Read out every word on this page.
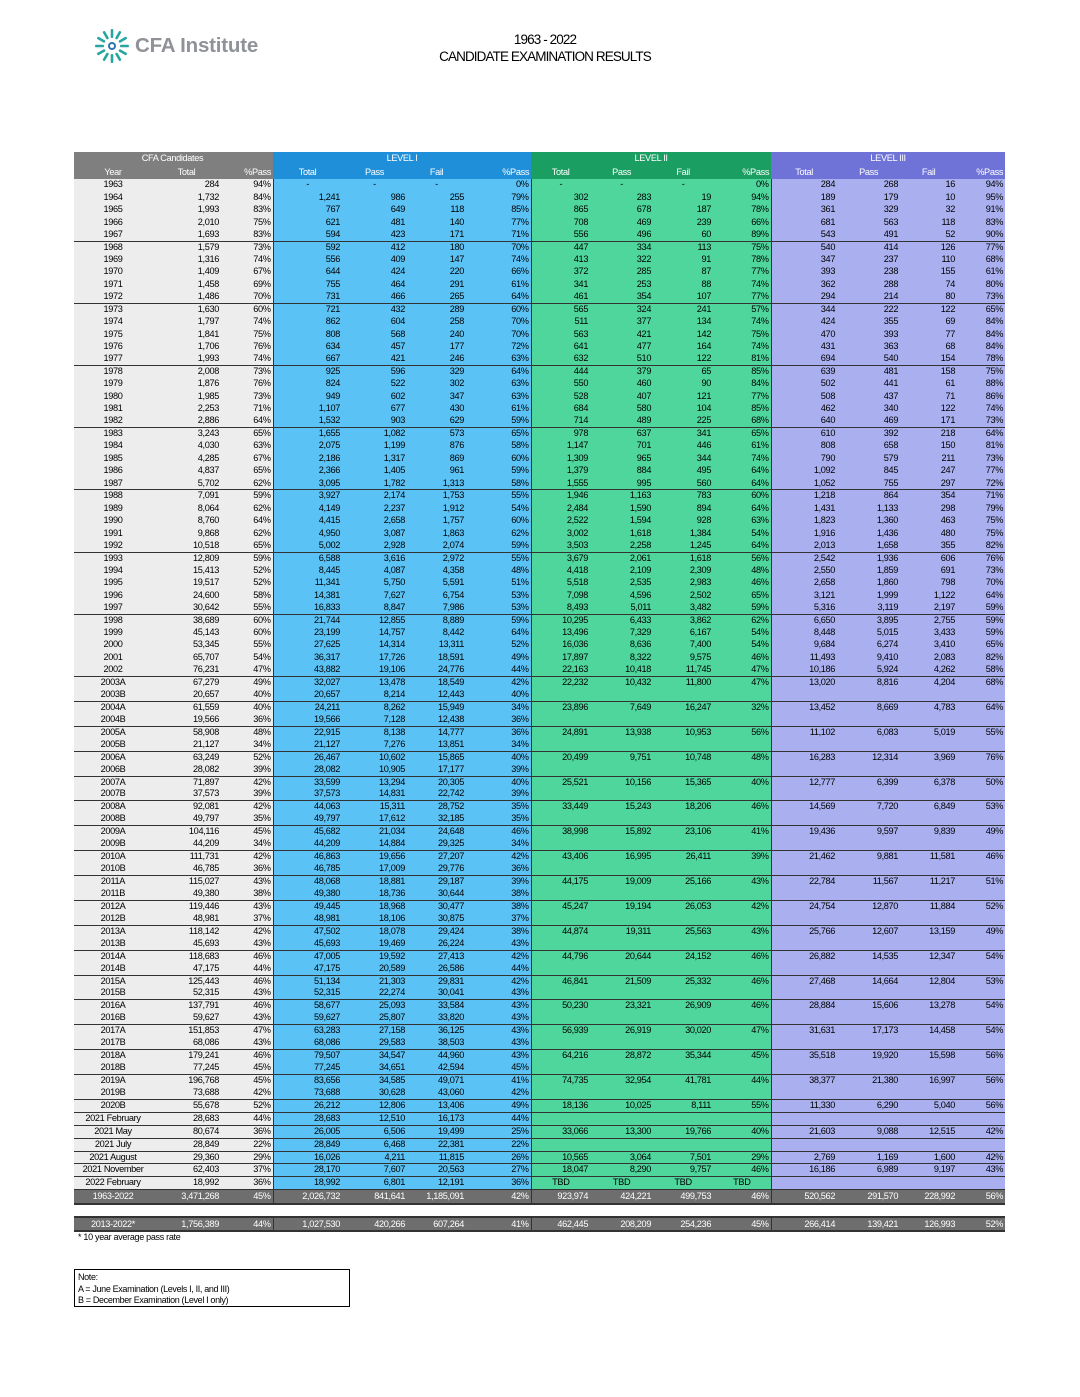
CFA Institute	1963 - 2022
CANDIDATE EXAMINATION RESULTS
CFA Candidates			LEVEL I				LEVEL II				LEVEL III			
Year	Total	%Pass	Total	Pass	Fail	%Pass	Total	Pass	Fail	%Pass	Total	Pass	Fail	%Pass
1963	284	94%	-	-	-	0%	-	-	-	0%	284	268	16	94%
1964	1,732	84%	1,241	986	255	79%	302	283	19	94%	189	179	10	95%
1965	1,993	83%	767	649	118	85%	865	678	187	78%	361	329	32	91%
1966	2,010	75%	621	481	140	77%	708	469	239	66%	681	563	118	83%
1967	1,693	83%	594	423	171	71%	556	496	60	89%	543	491	52	90%
1968	1,579	73%	592	412	180	70%	447	334	113	75%	540	414	126	77%
1969	1,316	74%	556	409	147	74%	413	322	91	78%	347	237	110	68%
1970	1,409	67%	644	424	220	66%	372	285	87	77%	393	238	155	61%
1971	1,458	69%	755	464	291	61%	341	253	88	74%	362	288	74	80%
1972	1,486	70%	731	466	265	64%	461	354	107	77%	294	214	80	73%
1973	1,630	60%	721	432	289	60%	565	324	241	57%	344	222	122	65%
1974	1,797	74%	862	604	258	70%	511	377	134	74%	424	355	69	84%
1975	1,841	75%	808	568	240	70%	563	421	142	75%	470	393	77	84%
1976	1,706	76%	634	457	177	72%	641	477	164	74%	431	363	68	84%
1977	1,993	74%	667	421	246	63%	632	510	122	81%	694	540	154	78%
1978	2,008	73%	925	596	329	64%	444	379	65	85%	639	481	158	75%
1979	1,876	76%	824	522	302	63%	550	460	90	84%	502	441	61	88%
1980	1,985	73%	949	602	347	63%	528	407	121	77%	508	437	71	86%
1981	2,253	71%	1,107	677	430	61%	684	580	104	85%	462	340	122	74%
1982	2,886	64%	1,532	903	629	59%	714	489	225	68%	640	469	171	73%
1983	3,243	65%	1,655	1,082	573	65%	978	637	341	65%	610	392	218	64%
1984	4,030	63%	2,075	1,199	876	58%	1,147	701	446	61%	808	658	150	81%
1985	4,285	67%	2,186	1,317	869	60%	1,309	965	344	74%	790	579	211	73%
1986	4,837	65%	2,366	1,405	961	59%	1,379	884	495	64%	1,092	845	247	77%
1987	5,702	62%	3,095	1,782	1,313	58%	1,555	995	560	64%	1,052	755	297	72%
1988	7,091	59%	3,927	2,174	1,753	55%	1,946	1,163	783	60%	1,218	864	354	71%
1989	8,064	62%	4,149	2,237	1,912	54%	2,484	1,590	894	64%	1,431	1,133	298	79%
1990	8,760	64%	4,415	2,658	1,757	60%	2,522	1,594	928	63%	1,823	1,360	463	75%
1991	9,868	62%	4,950	3,087	1,863	62%	3,002	1,618	1,384	54%	1,916	1,436	480	75%
1992	10,518	65%	5,002	2,928	2,074	59%	3,503	2,258	1,245	64%	2,013	1,658	355	82%
1993	12,809	59%	6,588	3,616	2,972	55%	3,679	2,061	1,618	56%	2,542	1,936	606	76%
1994	15,413	52%	8,445	4,087	4,358	48%	4,418	2,109	2,309	48%	2,550	1,859	691	73%
1995	19,517	52%	11,341	5,750	5,591	51%	5,518	2,535	2,983	46%	2,658	1,860	798	70%
1996	24,600	58%	14,381	7,627	6,754	53%	7,098	4,596	2,502	65%	3,121	1,999	1,122	64%
1997	30,642	55%	16,833	8,847	7,986	53%	8,493	5,011	3,482	59%	5,316	3,119	2,197	59%
1998	38,689	60%	21,744	12,855	8,889	59%	10,295	6,433	3,862	62%	6,650	3,895	2,755	59%
1999	45,143	60%	23,199	14,757	8,442	64%	13,496	7,329	6,167	54%	8,448	5,015	3,433	59%
2000	53,345	55%	27,625	14,314	13,311	52%	16,036	8,636	7,400	54%	9,684	6,274	3,410	65%
2001	65,707	54%	36,317	17,726	18,591	49%	17,897	8,322	9,575	46%	11,493	9,410	2,083	82%
2002	76,231	47%	43,882	19,106	24,776	44%	22,163	10,418	11,745	47%	10,186	5,924	4,262	58%
2003A	67,279	49%	32,027	13,478	18,549	42%	22,232	10,432	11,800	47%	13,020	8,816	4,204	68%
2003B	20,657	40%	20,657	8,214	12,443	40%								
2004A	61,559	40%	24,211	8,262	15,949	34%	23,896	7,649	16,247	32%	13,452	8,669	4,783	64%
2004B	19,566	36%	19,566	7,128	12,438	36%								
2005A	58,908	48%	22,915	8,138	14,777	36%	24,891	13,938	10,953	56%	11,102	6,083	5,019	55%
2005B	21,127	34%	21,127	7,276	13,851	34%								
2006A	63,249	52%	26,467	10,602	15,865	40%	20,499	9,751	10,748	48%	16,283	12,314	3,969	76%
2006B	28,082	39%	28,082	10,905	17,177	39%								
2007A	71,897	42%	33,599	13,294	20,305	40%	25,521	10,156	15,365	40%	12,777	6,399	6,378	50%
2007B	37,573	39%	37,573	14,831	22,742	39%								
2008A	92,081	42%	44,063	15,311	28,752	35%	33,449	15,243	18,206	46%	14,569	7,720	6,849	53%
2008B	49,797	35%	49,797	17,612	32,185	35%								
2009A	104,116	45%	45,682	21,034	24,648	46%	38,998	15,892	23,106	41%	19,436	9,597	9,839	49%
2009B	44,209	34%	44,209	14,884	29,325	34%								
2010A	111,731	42%	46,863	19,656	27,207	42%	43,406	16,995	26,411	39%	21,462	9,881	11,581	46%
2010B	46,785	36%	46,785	17,009	29,776	36%								
2011A	115,027	43%	48,068	18,881	29,187	39%	44,175	19,009	25,166	43%	22,784	11,567	11,217	51%
2011B	49,380	38%	49,380	18,736	30,644	38%								
2012A	119,446	43%	49,445	18,968	30,477	38%	45,247	19,194	26,053	42%	24,754	12,870	11,884	52%
2012B	48,981	37%	48,981	18,106	30,875	37%								
2013A	118,142	42%	47,502	18,078	29,424	38%	44,874	19,311	25,563	43%	25,766	12,607	13,159	49%
2013B	45,693	43%	45,693	19,469	26,224	43%								
2014A	118,683	46%	47,005	19,592	27,413	42%	44,796	20,644	24,152	46%	26,882	14,535	12,347	54%
2014B	47,175	44%	47,175	20,589	26,586	44%								
2015A	125,443	46%	51,134	21,303	29,831	42%	46,841	21,509	25,332	46%	27,468	14,664	12,804	53%
2015B	52,315	43%	52,315	22,274	30,041	43%								
2016A	137,791	46%	58,677	25,093	33,584	43%	50,230	23,321	26,909	46%	28,884	15,606	13,278	54%
2016B	59,627	43%	59,627	25,807	33,820	43%								
2017A	151,853	47%	63,283	27,158	36,125	43%	56,939	26,919	30,020	47%	31,631	17,173	14,458	54%
2017B	68,086	43%	68,086	29,583	38,503	43%								
2018A	179,241	46%	79,507	34,547	44,960	43%	64,216	28,872	35,344	45%	35,518	19,920	15,598	56%
2018B	77,245	45%	77,245	34,651	42,594	45%								
2019A	196,768	45%	83,656	34,585	49,071	41%	74,735	32,954	41,781	44%	38,377	21,380	16,997	56%
2019B	73,688	42%	73,688	30,628	43,060	42%								
2020B	55,678	52%	26,212	12,806	13,406	49%	18,136	10,025	8,111	55%	11,330	6,290	5,040	56%
2021 February	28,683	44%	28,683	12,510	16,173	44%								
2021 May	80,674	36%	26,005	6,506	19,499	25%	33,066	13,300	19,766	40%	21,603	9,088	12,515	42%
2021 July	28,849	22%	28,849	6,468	22,381	22%								
2021 August	29,360	29%	16,026	4,211	11,815	26%	10,565	3,064	7,501	29%	2,769	1,169	1,600	42%
2021 November	62,403	37%	28,170	7,607	20,563	27%	18,047	8,290	9,757	46%	16,186	6,989	9,197	43%
2022 February	18,992	36%	18,992	6,801	12,191	36%	TBD	TBD	TBD	TBD				
1963-2022	3,471,268	45%	2,026,732	841,641	1,185,091	42%	923,974	424,221	499,753	46%	520,562	291,570	228,992	56%

2013-2022*	1,756,389	44%	1,027,530	420,266	607,264	41%	462,445	208,209	254,236	45%	266,414	139,421	126,993	52%
* 10 year average pass rate
Note:
A = June Examination (Levels I, II, and III)
B = December Examination (Level I only)
